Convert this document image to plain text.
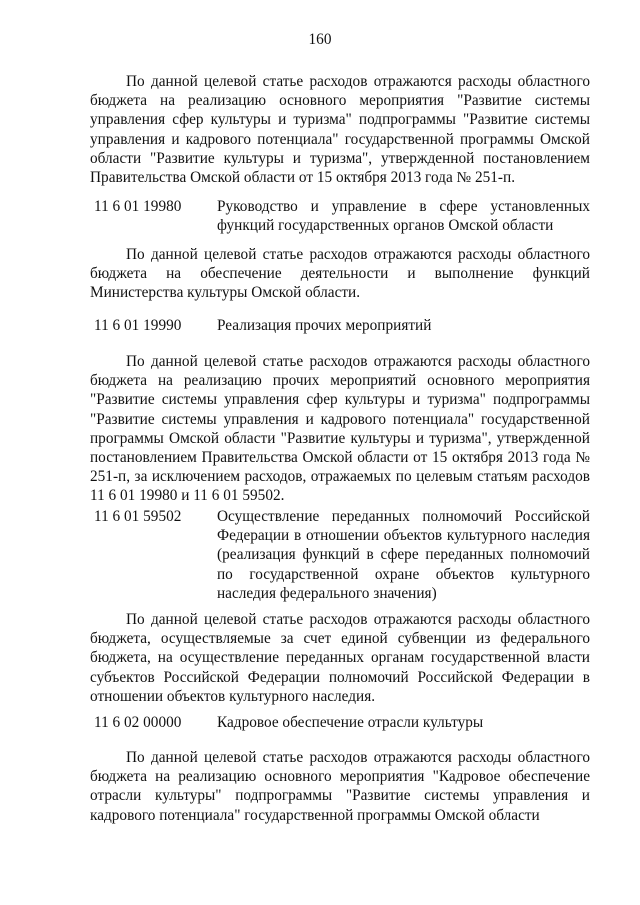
160

По данной целевой статье расходов отражаются расходы областного бюджета на реализацию основного мероприятия "Развитие системы управления сфер культуры и туризма" подпрограммы "Развитие системы управления и кадрового потенциала" государственной программы Омской области "Развитие культуры и туризма", утвержденной постановлением Правительства Омской области от 15 октября 2013 года № 251-п.

11 6 01 19980 Руководство и управление в сфере установленных функций государственных органов Омской области

По данной целевой статье расходов отражаются расходы областного бюджета на обеспечение деятельности и выполнение функций Министерства культуры Омской области.

11 6 01 19990 Реализация прочих мероприятий

По данной целевой статье расходов отражаются расходы областного бюджета на реализацию прочих мероприятий основного мероприятия "Развитие системы управления сфер культуры и туризма" подпрограммы "Развитие системы управления и кадрового потенциала" государственной программы Омской области "Развитие культуры и туризма", утвержденной постановлением Правительства Омской области от 15 октября 2013 года № 251-п, за исключением расходов, отражаемых по целевым статьям расходов 11 6 01 19980 и 11 6 01 59502.

11 6 01 59502 Осуществление переданных полномочий Российской Федерации в отношении объектов культурного наследия (реализация функций в сфере переданных полномочий по государственной охране объектов культурного наследия федерального значения)

По данной целевой статье расходов отражаются расходы областного бюджета, осуществляемые за счет единой субвенции из федерального бюджета, на осуществление переданных органам государственной власти субъектов Российской Федерации полномочий Российской Федерации в отношении объектов культурного наследия.

11 6 02 00000 Кадровое обеспечение отрасли культуры

По данной целевой статье расходов отражаются расходы областного бюджета на реализацию основного мероприятия "Кадровое обеспечение отрасли культуры" подпрограммы "Развитие системы управления и кадрового потенциала" государственной программы Омской области
